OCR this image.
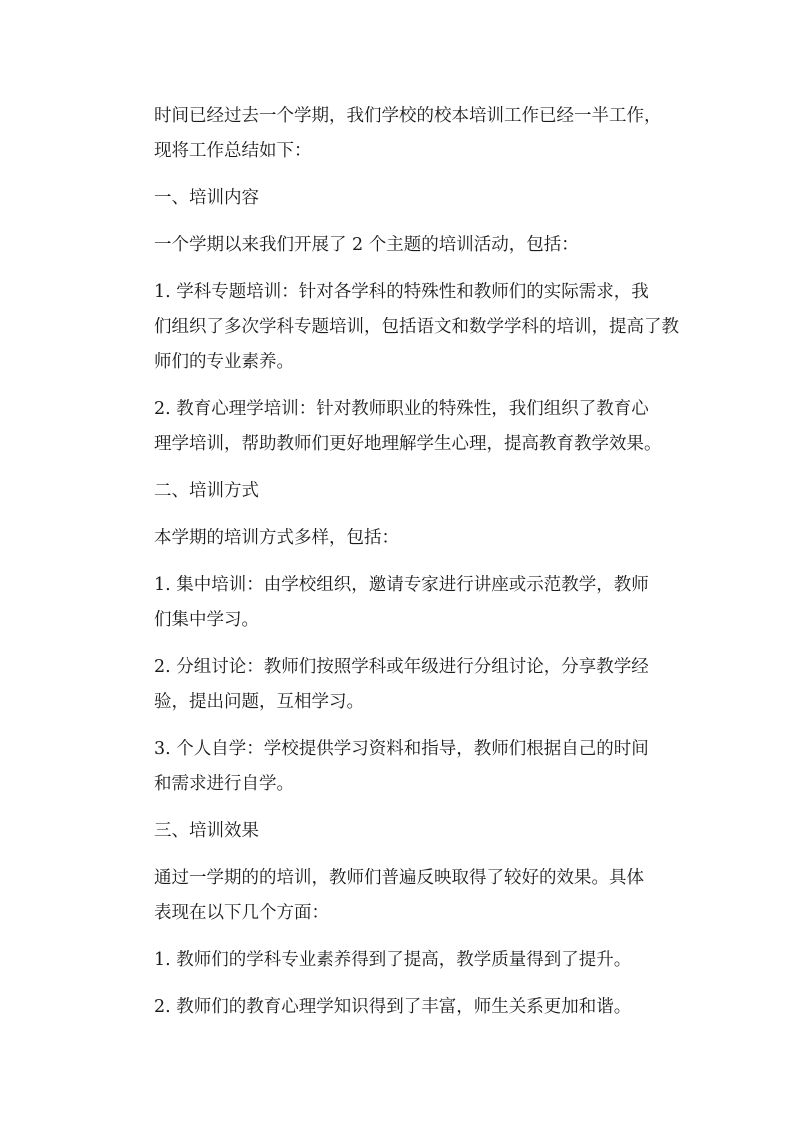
时间已经过去一个学期，我们学校的校本培训工作已经一半工作，
现将工作总结如下：

一、培训内容

一个学期以来我们开展了 2 个主题的培训活动，包括：

1. 学科专题培训：针对各学科的特殊性和教师们的实际需求，我
们组织了多次学科专题培训，包括语文和数学学科的培训，提高了教
师们的专业素养。

2. 教育心理学培训：针对教师职业的特殊性，我们组织了教育心
理学培训，帮助教师们更好地理解学生心理，提高教育教学效果。

二、培训方式

本学期的培训方式多样，包括：

1. 集中培训：由学校组织，邀请专家进行讲座或示范教学，教师
们集中学习。

2. 分组讨论：教师们按照学科或年级进行分组讨论，分享教学经
验，提出问题，互相学习。

3. 个人自学：学校提供学习资料和指导，教师们根据自己的时间
和需求进行自学。

三、培训效果

通过一学期的的培训，教师们普遍反映取得了较好的效果。具体
表现在以下几个方面：

1. 教师们的学科专业素养得到了提高，教学质量得到了提升。

2. 教师们的教育心理学知识得到了丰富，师生关系更加和谐。
